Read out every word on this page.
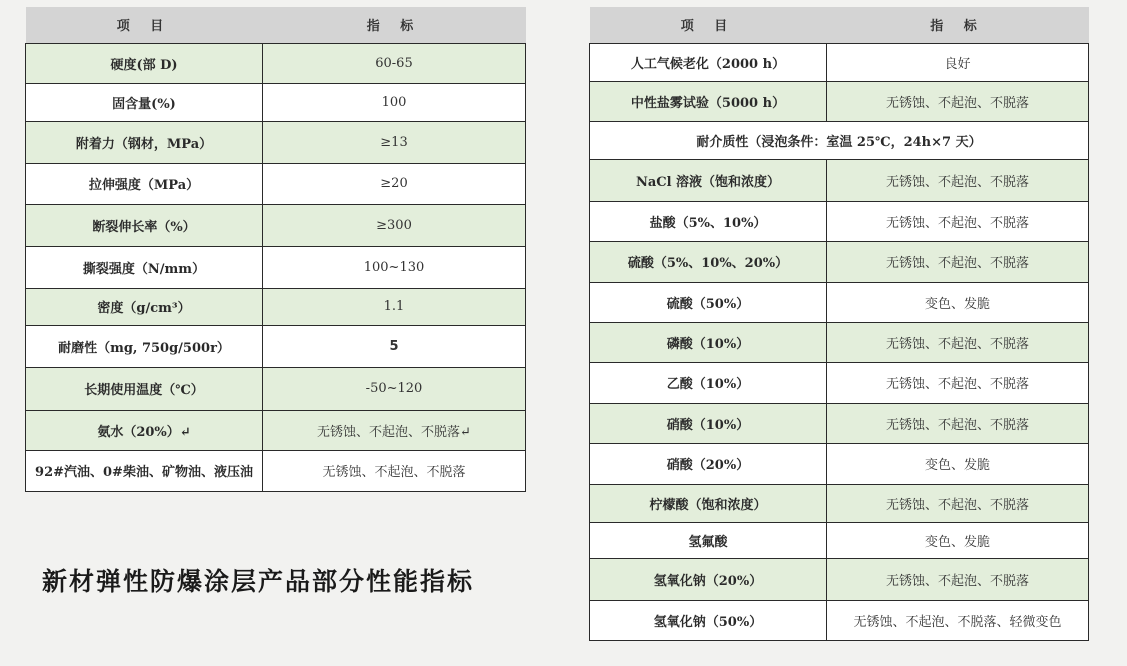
项 目	指 标
硬度(部 D)	60-65
固含量(%)	100
附着力（钢材，MPa）	≥13
拉伸强度（MPa）	≥20
断裂伸长率（%）	≥300
撕裂强度（N/mm）	100~130
密度（g/cm³）	1.1
耐磨性（mg, 750g/500r）	5
长期使用温度（℃）	-50~120
氨水（20%）↵	无锈蚀、不起泡、不脱落↵
92#汽油、0#柴油、矿物油、液压油	无锈蚀、不起泡、不脱落
项 目	指 标
人工气候老化（2000 h）	良好
中性盐雾试验（5000 h）	无锈蚀、不起泡、不脱落
耐介质性（浸泡条件：室温 25℃，24h×7 天）	
NaCl 溶液（饱和浓度）	无锈蚀、不起泡、不脱落
盐酸（5%、10%）	无锈蚀、不起泡、不脱落
硫酸（5%、10%、20%）	无锈蚀、不起泡、不脱落
硫酸（50%）	变色、发脆
磷酸（10%）	无锈蚀、不起泡、不脱落
乙酸（10%）	无锈蚀、不起泡、不脱落
硝酸（10%）	无锈蚀、不起泡、不脱落
硝酸（20%）	变色、发脆
柠檬酸（饱和浓度）	无锈蚀、不起泡、不脱落
氢氟酸	变色、发脆
氢氧化钠（20%）	无锈蚀、不起泡、不脱落
氢氧化钠（50%）	无锈蚀、不起泡、不脱落、轻微变色
新材弹性防爆涂层产品部分性能指标
